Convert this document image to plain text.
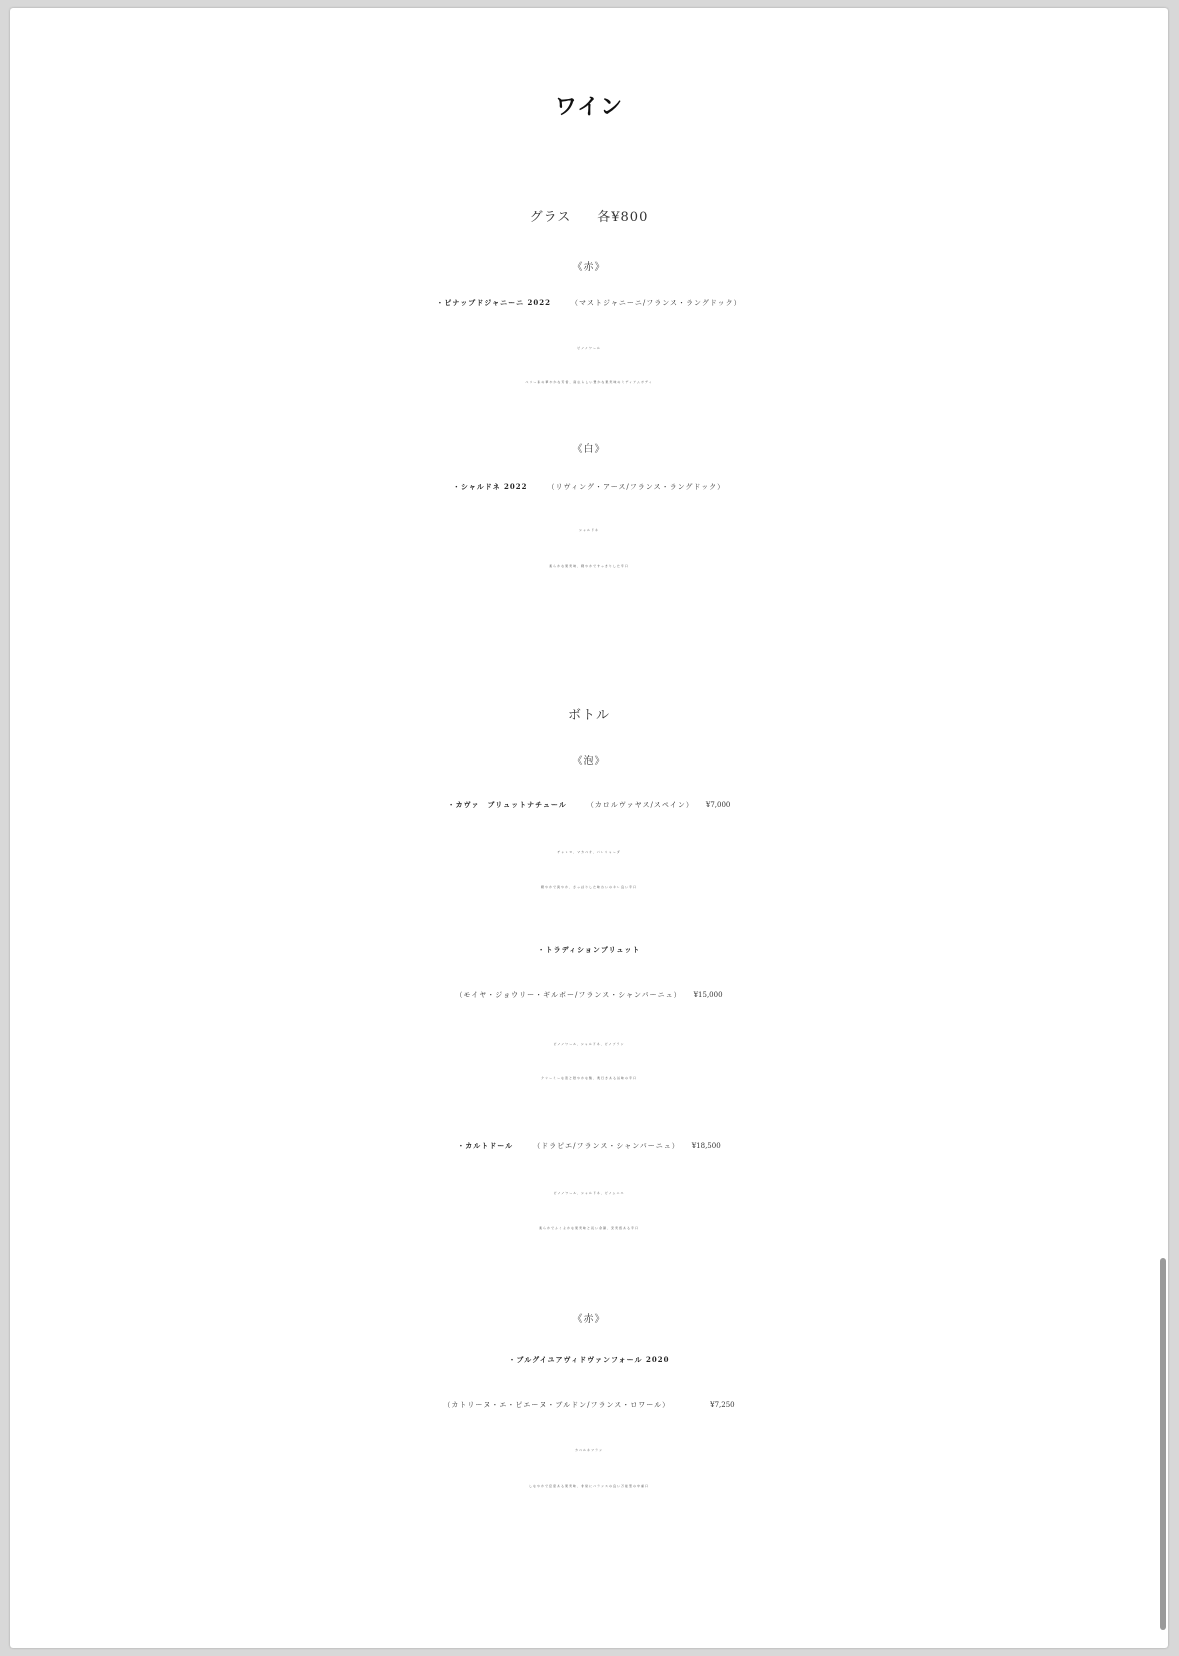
ワイン
グラス 各¥800
《赤》
・ピナップドジャニーニ 2022	（マストジャニーニ/フランス・ラングドック）
ピノノワール
ベリー系の華やかな芳香、南仏らしい豊かな果実味のミディアムボディ
《白》
・シャルドネ 2022	（リヴィング・アース/フランス・ラングドック）
シャルドネ
柔らかな果実味、軽やかですっきりした辛口
ボトル
《泡》
・カヴァ　ブリュットナチュール	（カロルヴァヤス/スペイン） ¥7,000
チャレロ、マカベオ、パレリャーダ
軽やかで爽やか、さっぱりした味わいのキレ良い辛口
・トラディションブリュット
（モイヤ・ジョウリー・ギルボー/フランス・シャンパーニュ） ¥15,000
ピノノワール、シャルドネ、ピノブラン
クリーミーな泡と穏やかな酸、奥行きある旨味の辛口
・カルトドール	（ドラピエ/フランス・シャンパーニュ） ¥18,500
ピノノワール、シャルドネ、ピノムニエ
柔らかでふくよかな果実味と長い余韻、充実感ある辛口
《赤》
・ブルグイユアヴィドヴァンフォール 2020
（カトリーヌ・エ・ピエーヌ・ブルドン/フランス・ロワール）	¥7,250
カベルネフラン
しなやかで密度ある果実味、非常にバランスの良い万能型の中重口
